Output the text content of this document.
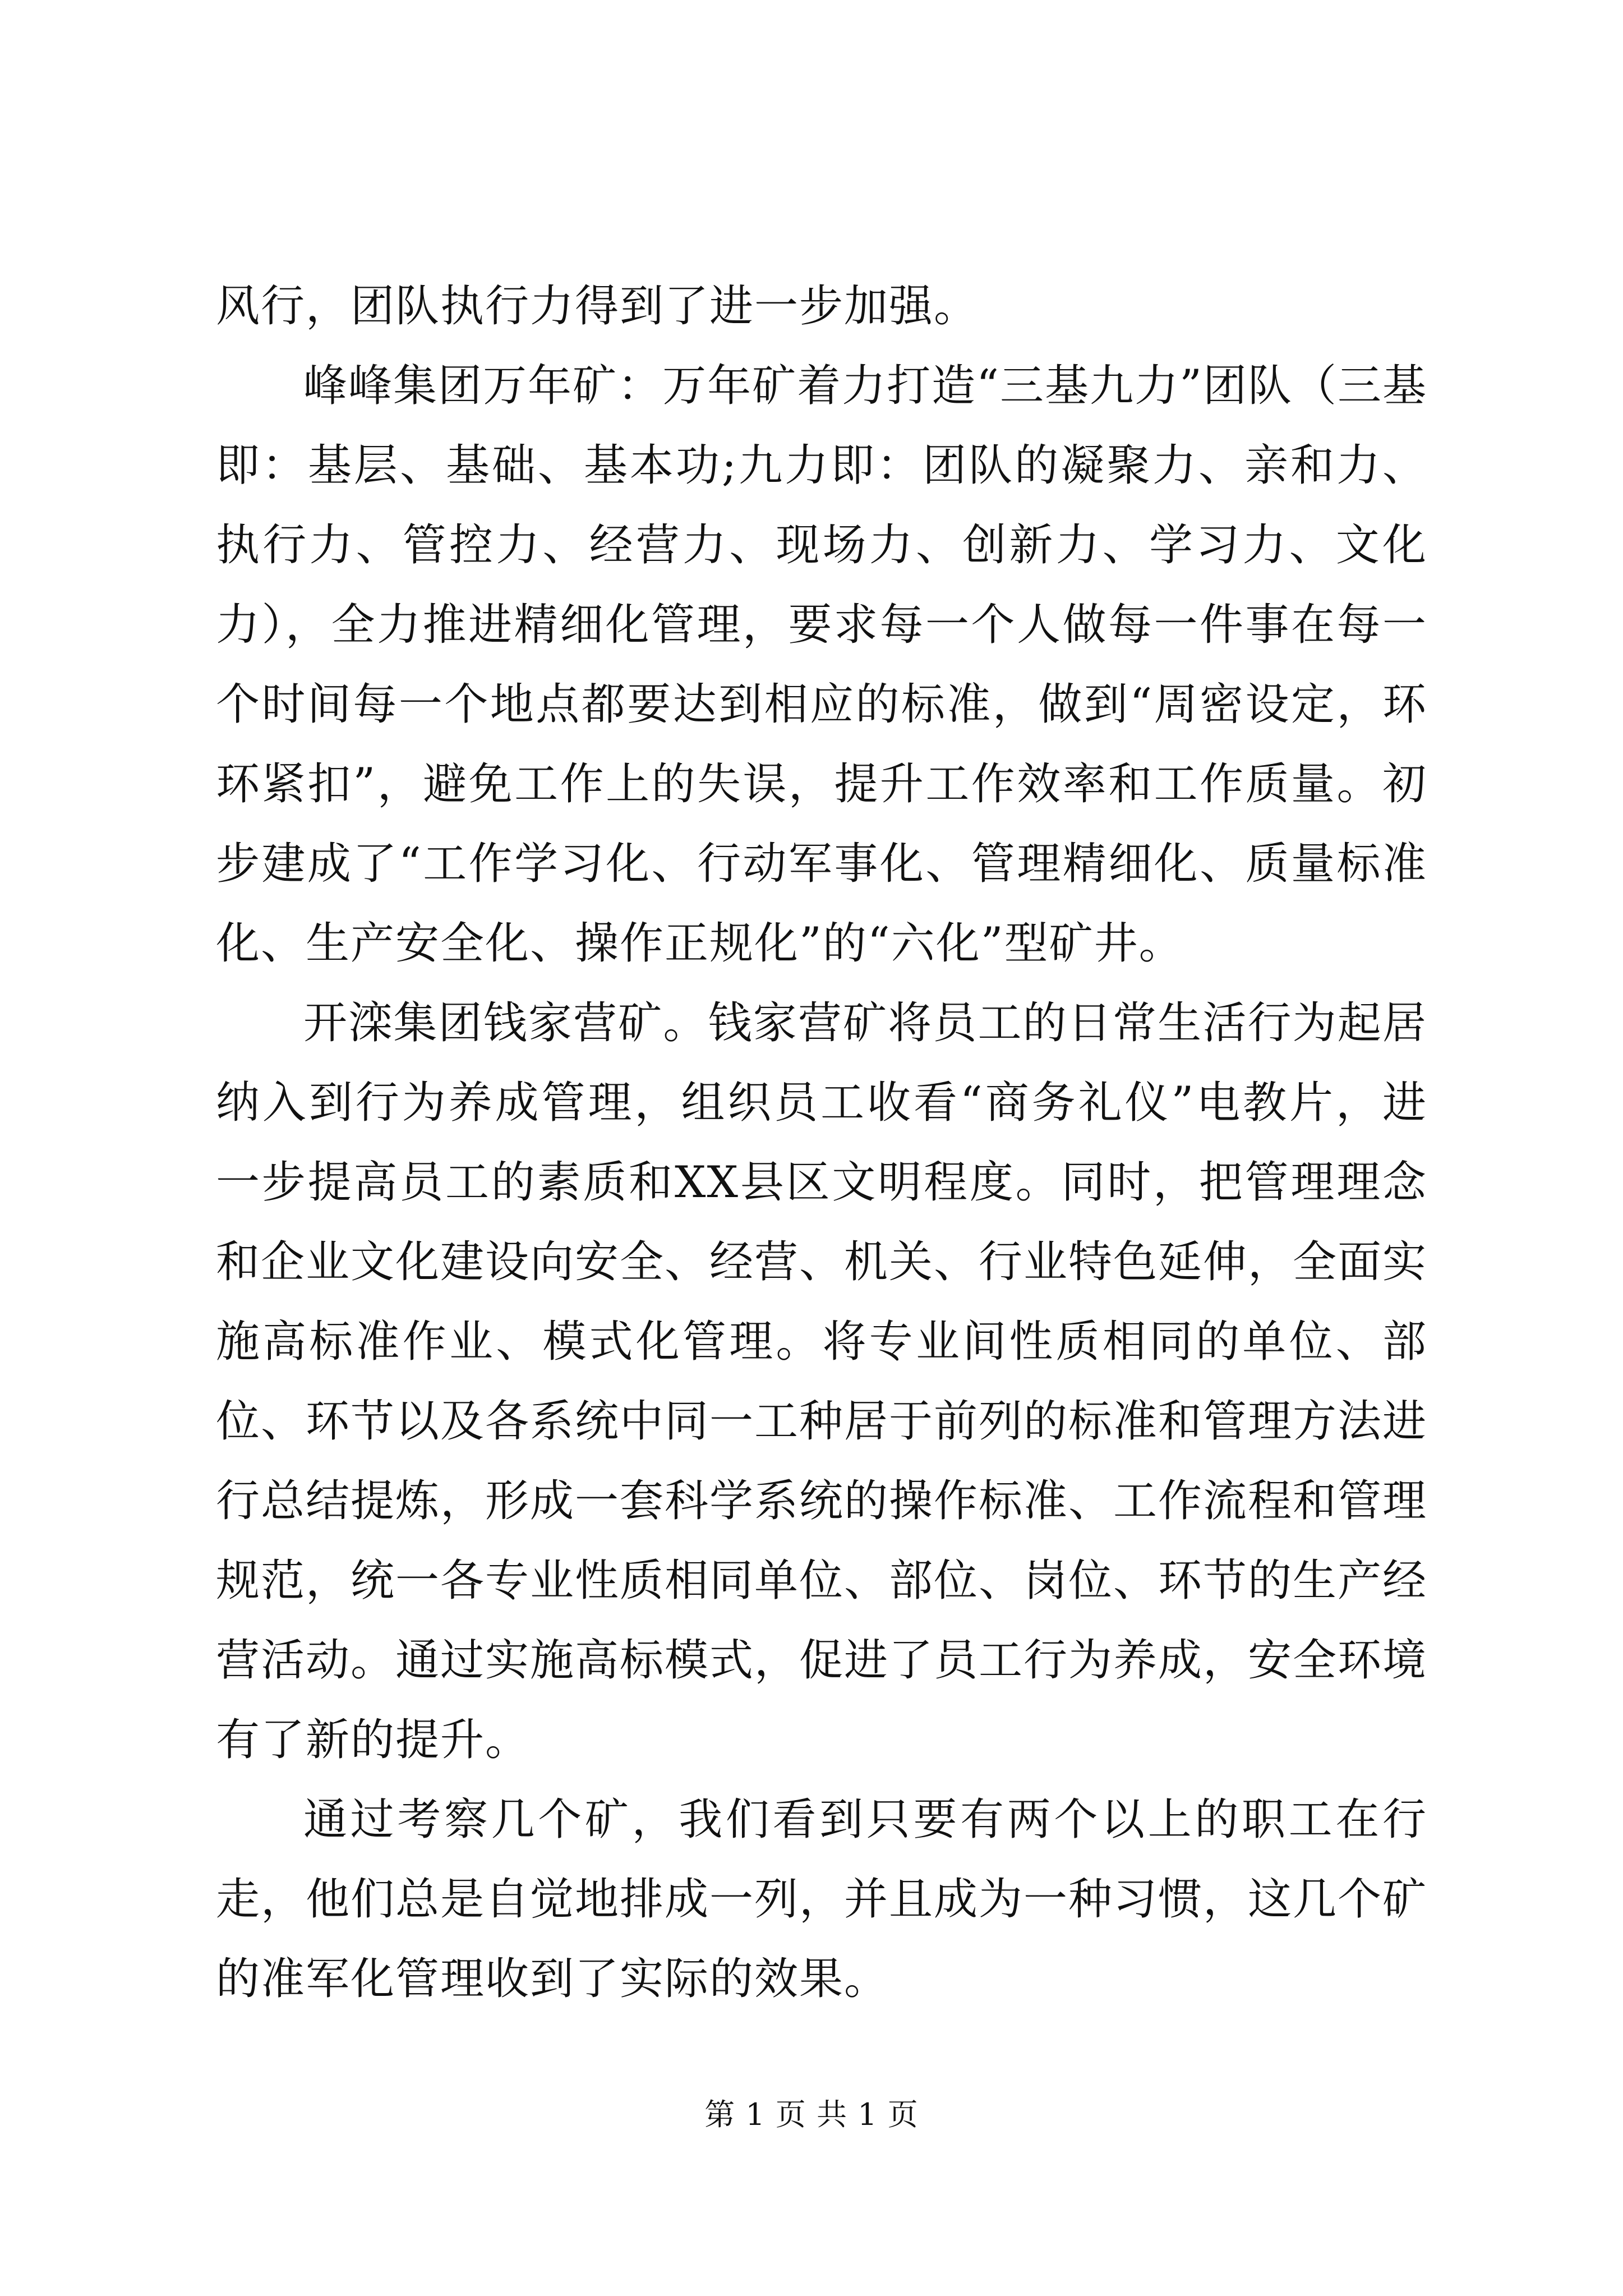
风行，团队执行力得到了进一步加强。

峰峰集团万年矿：万年矿着力打造“三基九力”团队（三基即：基层、基础、基本功;九力即：团队的凝聚力、亲和力、执行力、管控力、经营力、现场力、创新力、学习力、文化力），全力推进精细化管理，要求每一个人做每一件事在每一个时间每一个地点都要达到相应的标准，做到“周密设定，环环紧扣”，避免工作上的失误，提升工作效率和工作质量。初步建成了“工作学习化、行动军事化、管理精细化、质量标准化、生产安全化、操作正规化”的“六化”型矿井。

开滦集团钱家营矿。钱家营矿将员工的日常生活行为起居纳入到行为养成管理，组织员工收看“商务礼仪”电教片，进一步提高员工的素质和XX县区文明程度。同时，把管理理念和企业文化建设向安全、经营、机关、行业特色延伸，全面实施高标准作业、模式化管理。将专业间性质相同的单位、部位、环节以及各系统中同一工种居于前列的标准和管理方法进行总结提炼，形成一套科学系统的操作标准、工作流程和管理规范，统一各专业性质相同单位、部位、岗位、环节的生产经营活动。通过实施高标模式，促进了员工行为养成，安全环境有了新的提升。

通过考察几个矿，我们看到只要有两个以上的职工在行走，他们总是自觉地排成一列，并且成为一种习惯，这几个矿的准军化管理收到了实际的效果。

第 1 页 共 1 页
